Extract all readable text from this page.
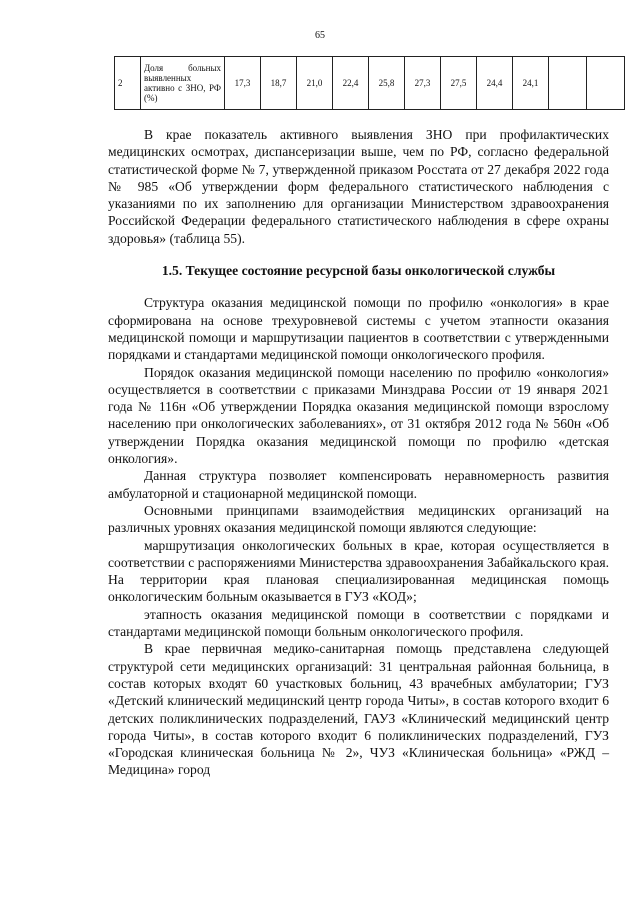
65
2	Доля больных выявленных активно с ЗНО, РФ (%)	17,3	18,7	21,0	22,4	25,8	27,3	27,5	24,4	24,1		

В крае показатель активного выявления ЗНО при профилактических медицинских осмотрах, диспансеризации выше, чем по РФ, согласно федеральной статистической форме № 7, утвержденной приказом Росстата от 27 декабря 2022 года № 985 «Об утверждении форм федерального статистического наблюдения с указаниями по их заполнению для организации Министерством здравоохранения Российской Федерации федерального статистического наблюдения в сфере охраны здоровья» (таблица 55).

1.5. Текущее состояние ресурсной базы онкологической службы

Структура оказания медицинской помощи по профилю «онкология» в крае сформирована на основе трехуровневой системы с учетом этапности оказания медицинской помощи и маршрутизации пациентов в соответствии с утвержденными порядками и стандартами медицинской помощи онкологического профиля.

Порядок оказания медицинской помощи населению по профилю «онкология» осуществляется в соответствии с приказами Минздрава России от 19 января 2021 года № 116н «Об утверждении Порядка оказания медицинской помощи взрослому населению при онкологических заболеваниях», от 31 октября 2012 года № 560н «Об утверждении Порядка оказания медицинской помощи по профилю «детская онкология».

Данная структура позволяет компенсировать неравномерность развития амбулаторной и стационарной медицинской помощи.

Основными принципами взаимодействия медицинских организаций на различных уровнях оказания медицинской помощи являются следующие:

маршрутизация онкологических больных в крае, которая осуществляется в соответствии с распоряжениями Министерства здравоохранения Забайкальского края. На территории края плановая специализированная медицинская помощь онкологическим больным оказывается в ГУЗ «КОД»;

этапность оказания медицинской помощи в соответствии с порядками и стандартами медицинской помощи больным онкологического профиля.

В крае первичная медико-санитарная помощь представлена следующей структурой сети медицинских организаций: 31 центральная районная больница, в состав которых входят 60 участковых больниц, 43 врачебных амбулатории; ГУЗ «Детский клинический медицинский центр города Читы», в состав которого входит 6 детских поликлинических подразделений, ГАУЗ «Клинический медицинский центр города Читы», в состав которого входит 6 поликлинических подразделений, ГУЗ «Городская клиническая больница № 2», ЧУЗ «Клиническая больница» «РЖД – Медицина» город
